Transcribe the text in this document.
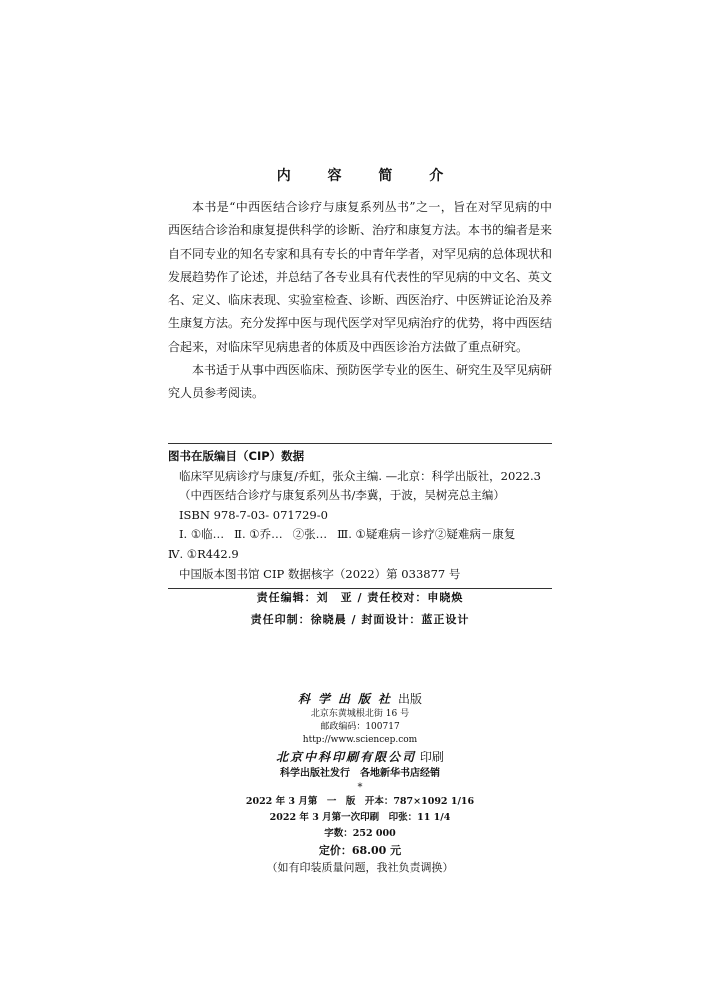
内 容 简 介

本书是“中西医结合诊疗与康复系列丛书”之一，旨在对罕见病的中西医结合诊治和康复提供科学的诊断、治疗和康复方法。本书的编者是来自不同专业的知名专家和具有专长的中青年学者，对罕见病的总体现状和发展趋势作了论述，并总结了各专业具有代表性的罕见病的中文名、英文名、定义、临床表现、实验室检查、诊断、西医治疗、中医辨证论治及养生康复方法。充分发挥中医与现代医学对罕见病治疗的优势，将中西医结合起来，对临床罕见病患者的体质及中西医诊治方法做了重点研究。

本书适于从事中西医临床、预防医学专业的医生、研究生及罕见病研究人员参考阅读。

图书在版编目（CIP）数据
临床罕见病诊疗与康复/乔虹，张众主编. —北京：科学出版社，2022.3
（中西医结合诊疗与康复系列丛书/李冀，于波，吴树亮总主编）
ISBN 978-7-03- 071729-0
Ⅰ. ①临… Ⅱ. ①乔… ②张… Ⅲ. ①疑难病－诊疗②疑难病－康复
Ⅳ. ①R442.9
中国版本图书馆 CIP 数据核字（2022）第 033877 号
责任编辑：刘　亚 / 责任校对：申晓焕
责任印制：徐晓晨 / 封面设计：蓝正设计
科学出版社出版
北京东黄城根北街 16 号
邮政编码：100717
http://www.sciencep.com
北京中科印刷有限公司 印刷
科学出版社发行　各地新华书店经销
*
2022 年 3 月第　一　版　开本：787×1092 1/16
2022 年 3 月第一次印刷　印张：11 1/4
字数：252 000
定价：68.00 元
（如有印装质量问题，我社负责调换）
